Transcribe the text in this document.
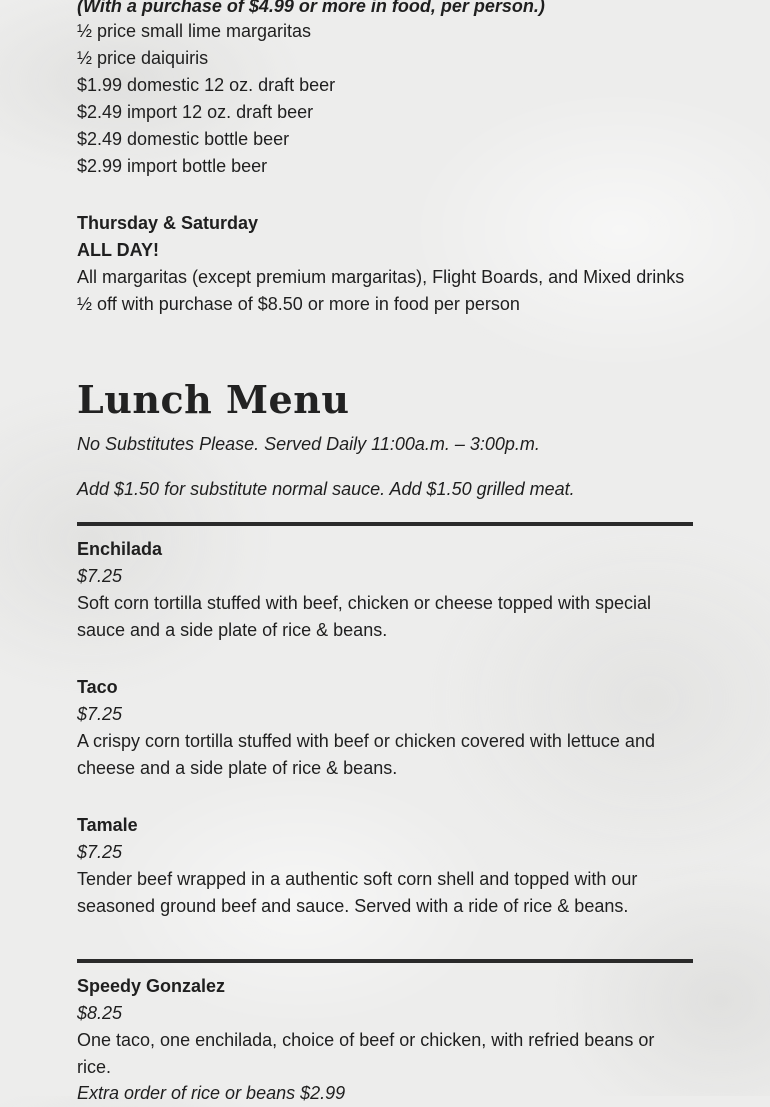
(With a purchase of $4.99 or more in food, per person.)

½ price small lime margaritas

½ price daiquiris

$1.99 domestic 12 oz. draft beer

$2.49 import 12 oz. draft beer

$2.49 domestic bottle beer

$2.99 import bottle beer

Thursday & Saturday

ALL DAY!

All margaritas (except premium margaritas), Flight Boards, and Mixed drinks

½ off with purchase of $8.50 or more in food per person

Lunch Menu

No Substitutes Please. Served Daily 11:00a.m. – 3:00p.m.

Add $1.50 for substitute normal sauce. Add $1.50 grilled meat.

Enchilada

$7.25

Soft corn tortilla stuffed with beef, chicken or cheese topped with special

sauce and a side plate of rice & beans.

Taco

$7.25

A crispy corn tortilla stuffed with beef or chicken covered with lettuce and

cheese and a side plate of rice & beans.

Tamale

$7.25

Tender beef wrapped in a authentic soft corn shell and topped with our

seasoned ground beef and sauce. Served with a ride of rice & beans.

Speedy Gonzalez

$8.25

One taco, one enchilada, choice of beef or chicken, with refried beans or

rice.

Extra order of rice or beans $2.99
